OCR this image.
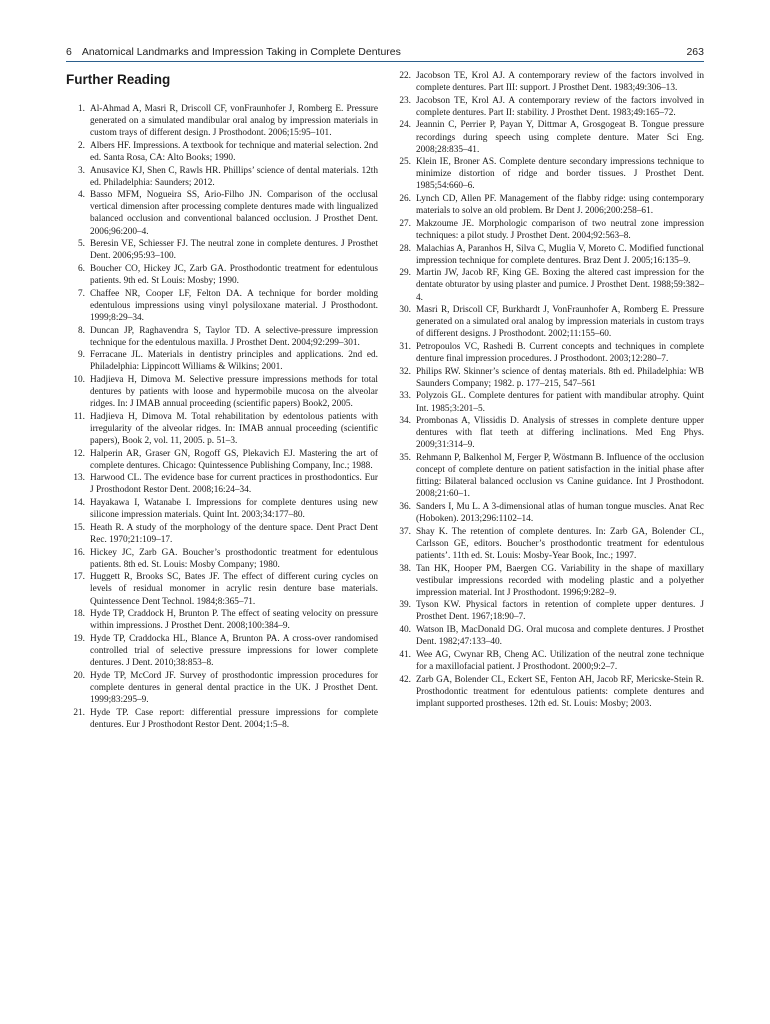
6 Anatomical Landmarks and Impression Taking in Complete Dentures	263
Further Reading
1. Al-Ahmad A, Masri R, Driscoll CF, vonFraunhofer J, Romberg E. Pressure generated on a simulated mandibular oral analog by impression materials in custom trays of different design. J Prosthodont. 2006;15:95–101.
2. Albers HF. Impressions. A textbook for technique and material selection. 2nd ed. Santa Rosa, CA: Alto Books; 1990.
3. Anusavice KJ, Shen C, Rawls HR. Phillips’ science of dental materials. 12th ed. Philadelphia: Saunders; 2012.
4. Basso MFM, Nogueira SS, Ario-Filho JN. Comparison of the occlusal vertical dimension after processing complete dentures made with lingualized balanced occlusion and conventional balanced occlusion. J Prosthet Dent. 2006;96:200–4.
5. Beresin VE, Schiesser FJ. The neutral zone in complete dentures. J Prosthet Dent. 2006;95:93–100.
6. Boucher CO, Hickey JC, Zarb GA. Prosthodontic treatment for edentulous patients. 9th ed. St Louis: Mosby; 1990.
7. Chaffee NR, Cooper LF, Felton DA. A technique for border molding edentulous impressions using vinyl polysiloxane material. J Prosthodont. 1999;8:29–34.
8. Duncan JP, Raghavendra S, Taylor TD. A selective-pressure impression technique for the edentulous maxilla. J Prosthet Dent. 2004;92:299–301.
9. Ferracane JL. Materials in dentistry principles and applications. 2nd ed. Philadelphia: Lippincott Williams & Wilkins; 2001.
10. Hadjieva H, Dimova M. Selective pressure impressions methods for total dentures by patients with loose and hypermobile mucosa on the alveolar ridges. In: J IMAB annual proceeding (scientific papers) Book2, 2005.
11. Hadjieva H, Dimova M. Total rehabilitation by edentolous patients with irregularity of the alveolar ridges. In: IMAB annual proceeding (scientific papers), Book 2, vol. 11, 2005. p. 51–3.
12. Halperin AR, Graser GN, Rogoff GS, Plekavich EJ. Mastering the art of complete dentures. Chicago: Quintessence Publishing Company, Inc.; 1988.
13. Harwood CL. The evidence base for current practices in prosthodontics. Eur J Prosthodont Restor Dent. 2008;16:24–34.
14. Hayakawa I, Watanabe I. Impressions for complete dentures using new silicone impression materials. Quint Int. 2003;34:177–80.
15. Heath R. A study of the morphology of the denture space. Dent Pract Dent Rec. 1970;21:109–17.
16. Hickey JC, Zarb GA. Boucher’s prosthodontic treatment for edentulous patients. 8th ed. St. Louis: Mosby Company; 1980.
17. Huggett R, Brooks SC, Bates JF. The effect of different curing cycles on levels of residual monomer in acrylic resin denture base materials. Quintessence Dent Technol. 1984;8:365–71.
18. Hyde TP, Craddock H, Brunton P. The effect of seating velocity on pressure within impressions. J Prosthet Dent. 2008;100:384–9.
19. Hyde TP, Craddocka HL, Blance A, Brunton PA. A cross-over randomised controlled trial of selective pressure impressions for lower complete dentures. J Dent. 2010;38:853–8.
20. Hyde TP, McCord JF. Survey of prosthodontic impression procedures for complete dentures in general dental practice in the UK. J Prosthet Dent. 1999;83:295–9.
21. Hyde TP. Case report: differential pressure impressions for complete dentures. Eur J Prosthodont Restor Dent. 2004;1:5–8.
22. Jacobson TE, Krol AJ. A contemporary review of the factors involved in complete dentures. Part III: support. J Prosthet Dent. 1983;49:306–13.
23. Jacobson TE, Krol AJ. A contemporary review of the factors involved in complete dentures. Part II: stability. J Prosthet Dent. 1983;49:165–72.
24. Jeannin C, Perrier P, Payan Y, Dittmar A, Grosgogeat B. Tongue pressure recordings during speech using complete denture. Mater Sci Eng. 2008;28:835–41.
25. Klein IE, Broner AS. Complete denture secondary impressions technique to minimize distortion of ridge and border tissues. J Prosthet Dent. 1985;54:660–6.
26. Lynch CD, Allen PF. Management of the flabby ridge: using contemporary materials to solve an old problem. Br Dent J. 2006;200:258–61.
27. Makzoume JE. Morphologic comparison of two neutral zone impression techniques: a pilot study. J Prosthet Dent. 2004;92:563–8.
28. Malachias A, Paranhos H, Silva C, Muglia V, Moreto C. Modified functional impression technique for complete dentures. Braz Dent J. 2005;16:135–9.
29. Martin JW, Jacob RF, King GE. Boxing the altered cast impression for the dentate obturator by using plaster and pumice. J Prosthet Dent. 1988;59:382–4.
30. Masri R, Driscoll CF, Burkhardt J, VonFraunhofer A, Romberg E. Pressure generated on a simulated oral analog by impression materials in custom trays of different designs. J Prosthodont. 2002;11:155–60.
31. Petropoulos VC, Rashedi B. Current concepts and techniques in complete denture final impression procedures. J Prosthodont. 2003;12:280–7.
32. Philips RW. Skinner’s science of dentaş materials. 8th ed. Philadelphia: WB Saunders Company; 1982. p. 177–215, 547–561
33. Polyzois GL. Complete dentures for patient with mandibular atrophy. Quint Int. 1985;3:201–5.
34. Prombonas A, Vlissidis D. Analysis of stresses in complete denture upper dentures with flat teeth at differing inclinations. Med Eng Phys. 2009;31:314–9.
35. Rehmann P, Balkenhol M, Ferger P, Wöstmann B. Influence of the occlusion concept of complete denture on patient satisfaction in the initial phase after fitting: Bilateral balanced occlusion vs Canine guidance. Int J Prosthodont. 2008;21:60–1.
36. Sanders I, Mu L. A 3-dimensional atlas of human tongue muscles. Anat Rec (Hoboken). 2013;296:1102–14.
37. Shay K. The retention of complete dentures. In: Zarb GA, Bolender CL, Carlsson GE, editors. Boucher’s prosthodontic treatment for edentulous patients’. 11th ed. St. Louis: Mosby-Year Book, Inc.; 1997.
38. Tan HK, Hooper PM, Baergen CG. Variability in the shape of maxillary vestibular impressions recorded with modeling plastic and a polyether impression material. Int J Prosthodont. 1996;9:282–9.
39. Tyson KW. Physical factors in retention of complete upper dentures. J Prosthet Dent. 1967;18:90–7.
40. Watson IB, MacDonald DG. Oral mucosa and complete dentures. J Prosthet Dent. 1982;47:133–40.
41. Wee AG, Cwynar RB, Cheng AC. Utilization of the neutral zone technique for a maxillofacial patient. J Prosthodont. 2000;9:2–7.
42. Zarb GA, Bolender CL, Eckert SE, Fenton AH, Jacob RF, Mericske-Stein R. Prosthodontic treatment for edentulous patients: complete dentures and implant supported prostheses. 12th ed. St. Louis: Mosby; 2003.
